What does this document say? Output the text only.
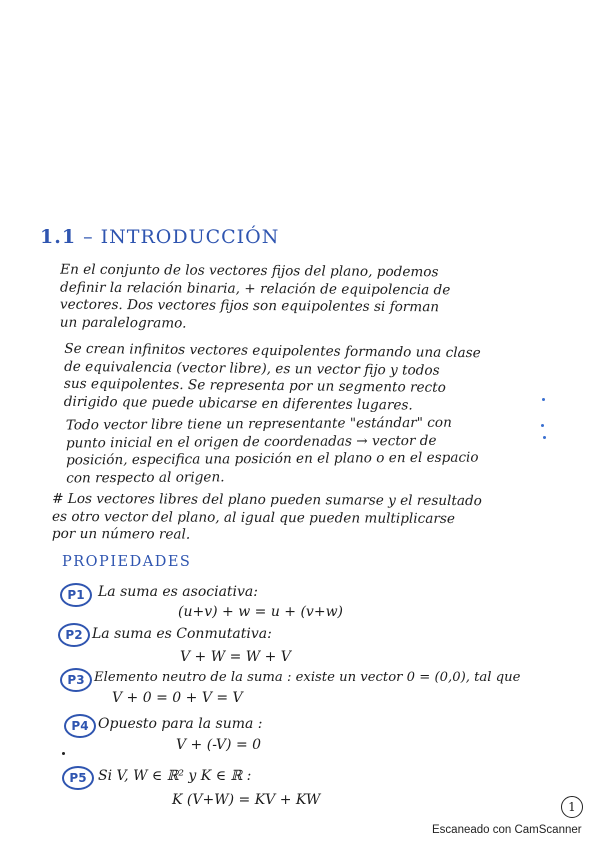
1.1 – INTRODUCCIÓN
En el conjunto de los vectores fijos del plano, podemos
definir la relación binaria, + relación de equipolencia de
vectores. Dos vectores fijos son equipolentes si forman
un paralelogramo.
Se crean infinitos vectores equipolentes formando una clase
de equivalencia (vector libre), es un vector fijo y todos
sus equipolentes. Se representa por un segmento recto
dirigido que puede ubicarse en diferentes lugares.
Todo vector libre tiene un representante "estándar" con
punto inicial en el origen de coordenadas → vector de
posición, especifica una posición en el plano o en el espacio
con respecto al origen.
# Los vectores libres del plano pueden sumarse y el resultado
es otro vector del plano, al igual que pueden multiplicarse
por un número real.
PROPIEDADES
P1 La suma es asociativa:
(u+v) + w = u + (v+w)
P2 La suma es Conmutativa:
V + W = W + V
P3 Elemento neutro de la suma : existe un vector 0 = (0,0), tal que
V + 0 = 0 + V = V
P4 Opuesto para la suma :
V + (-V) = 0
P5 Si V, W ∈ ℝ² y K ∈ ℝ :
K (V+W) = KV + KW	1
Escaneado con CamScanner
